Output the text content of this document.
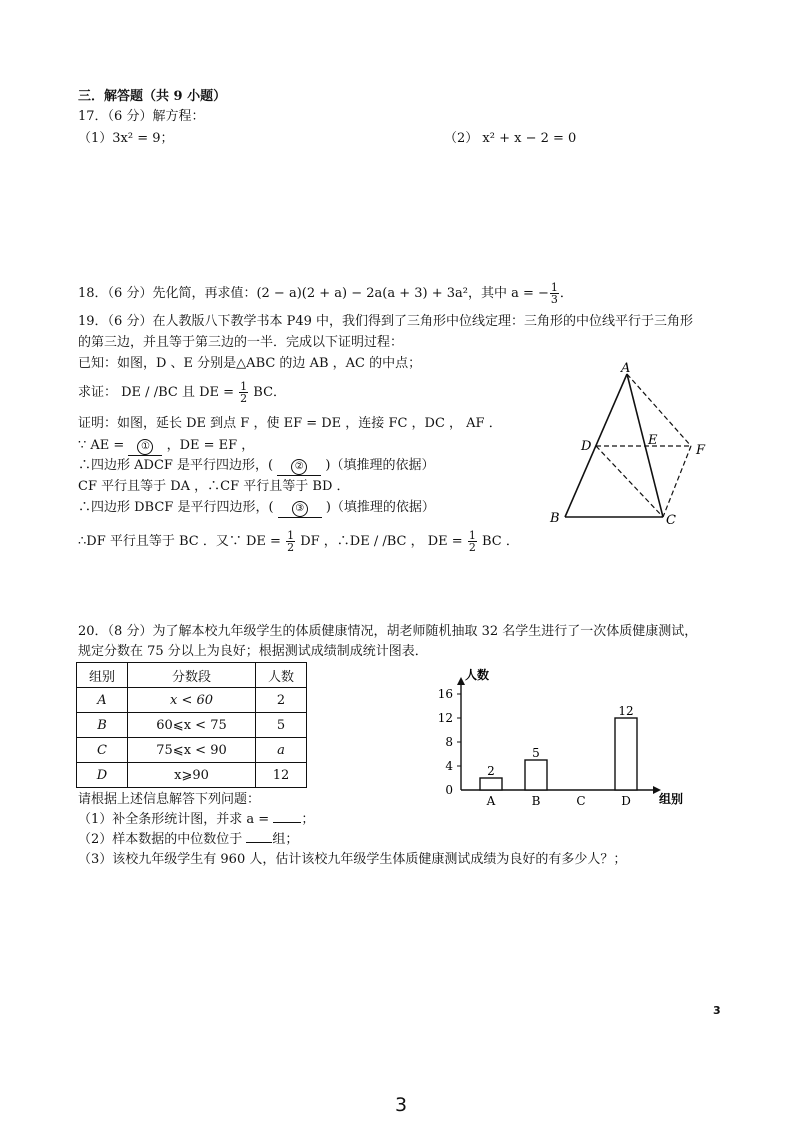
三．解答题（共 9 小题）
17．（6 分）解方程：
（1）3x² = 9；	（2） x² + x − 2 = 0
18．（6 分）先化简，再求值：(2 − a)(2 + a) − 2a(a + 3) + 3a²，其中 a = − $\frac{1}{3}$ ．
19．（6 分）在人教版八下教学书本 P49 中，我们得到了三角形中位线定理：三角形的中位线平行于三角形
的第三边，并且等于第三边的一半．完成以下证明过程：
已知：如图，D 、E 分别是△ABC 的边 AB ，AC 的中点；
求证： DE / /BC 且 DE = $\frac{1}{2}$ BC．
证明：如图，延长 DE 到点 F ，使 EF = DE ，连接 FC ，DC ， AF ．
∵ AE = ① ，DE = EF ，
∴四边形 ADCF 是平行四边形，( ② )（填推理的依据）
CF 平行且等于 DA ，∴CF 平行且等于 BD ．
∴四边形 DBCF 是平行四边形，( ③ )（填推理的依据）
∴DF 平行且等于 BC ．又∵ DE = $\frac{1}{2}$ DF ，∴DE / /BC ， DE = $\frac{1}{2}$ BC ．
A
B	C
D	E
F
20．（8 分）为了解本校九年级学生的体质健康情况，胡老师随机抽取 32 名学生进行了一次体质健康测试，
规定分数在 75 分以上为良好；根据测试成绩制成统计图表．
组别	分数段	人数
A	x < 60	2
B	60⩽x < 75	5
C	75⩽x < 90	a
D	x⩾90	12
0
4
8
12
16
人数
组别
A
2
B
5
C	D
12
请根据上述信息解答下列问题：
（1）补全条形统计图，并求 a = ；
（2）样本数据的中位数位于 组；
（3）该校九年级学生有 960 人，估计该校九年级学生体质健康测试成绩为良好的有多少人？；
3
3
